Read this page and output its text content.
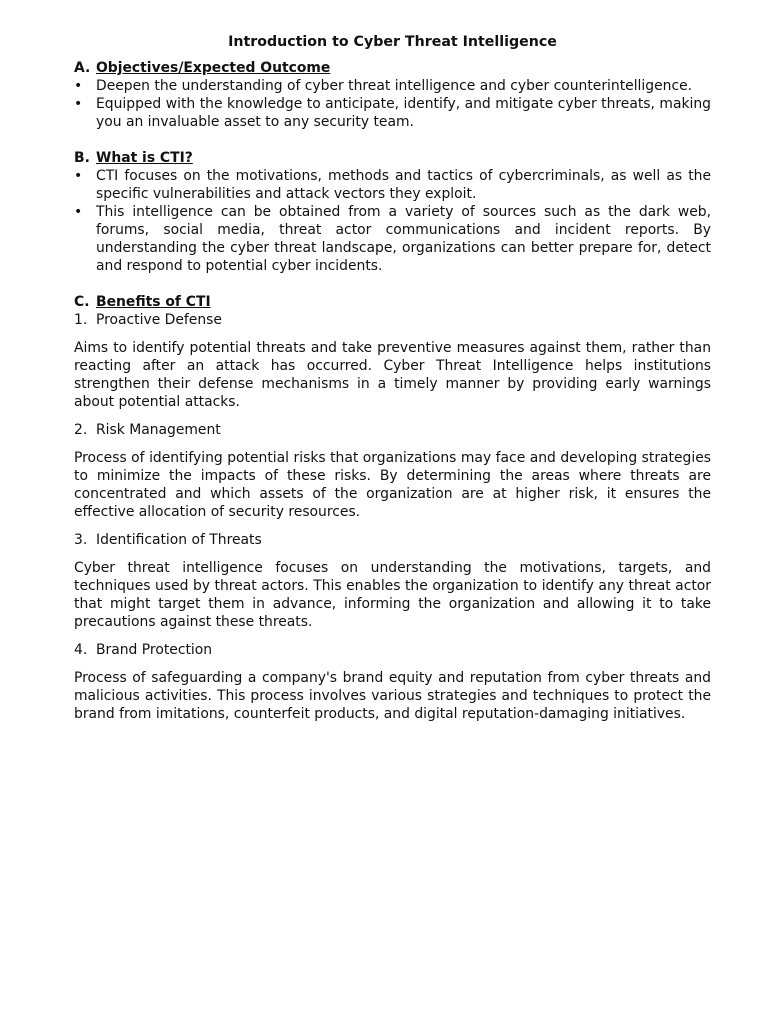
Introduction to Cyber Threat Intelligence
A. Objectives/Expected Outcome
• Deepen the understanding of cyber threat intelligence and cyber counterintelligence.
• Equipped with the knowledge to anticipate, identify, and mitigate cyber threats, making you an invaluable asset to any security team.
B. What is CTI?
• CTI focuses on the motivations, methods and tactics of cybercriminals, as well as the specific vulnerabilities and attack vectors they exploit.
• This intelligence can be obtained from a variety of sources such as the dark web, forums, social media, threat actor communications and incident reports. By understanding the cyber threat landscape, organizations can better prepare for, detect and respond to potential cyber incidents.
C. Benefits of CTI
1. Proactive Defense

Aims to identify potential threats and take preventive measures against them, rather than reacting after an attack has occurred. Cyber Threat Intelligence helps institutions strengthen their defense mechanisms in a timely manner by providing early warnings about potential attacks.

2. Risk Management

Process of identifying potential risks that organizations may face and developing strategies to minimize the impacts of these risks. By determining the areas where threats are concentrated and which assets of the organization are at higher risk, it ensures the effective allocation of security resources.

3. Identification of Threats

Cyber threat intelligence focuses on understanding the motivations, targets, and techniques used by threat actors. This enables the organization to identify any threat actor that might target them in advance, informing the organization and allowing it to take precautions against these threats.

4. Brand Protection

Process of safeguarding a company's brand equity and reputation from cyber threats and malicious activities. This process involves various strategies and techniques to protect the brand from imitations, counterfeit products, and digital reputation-damaging initiatives.
